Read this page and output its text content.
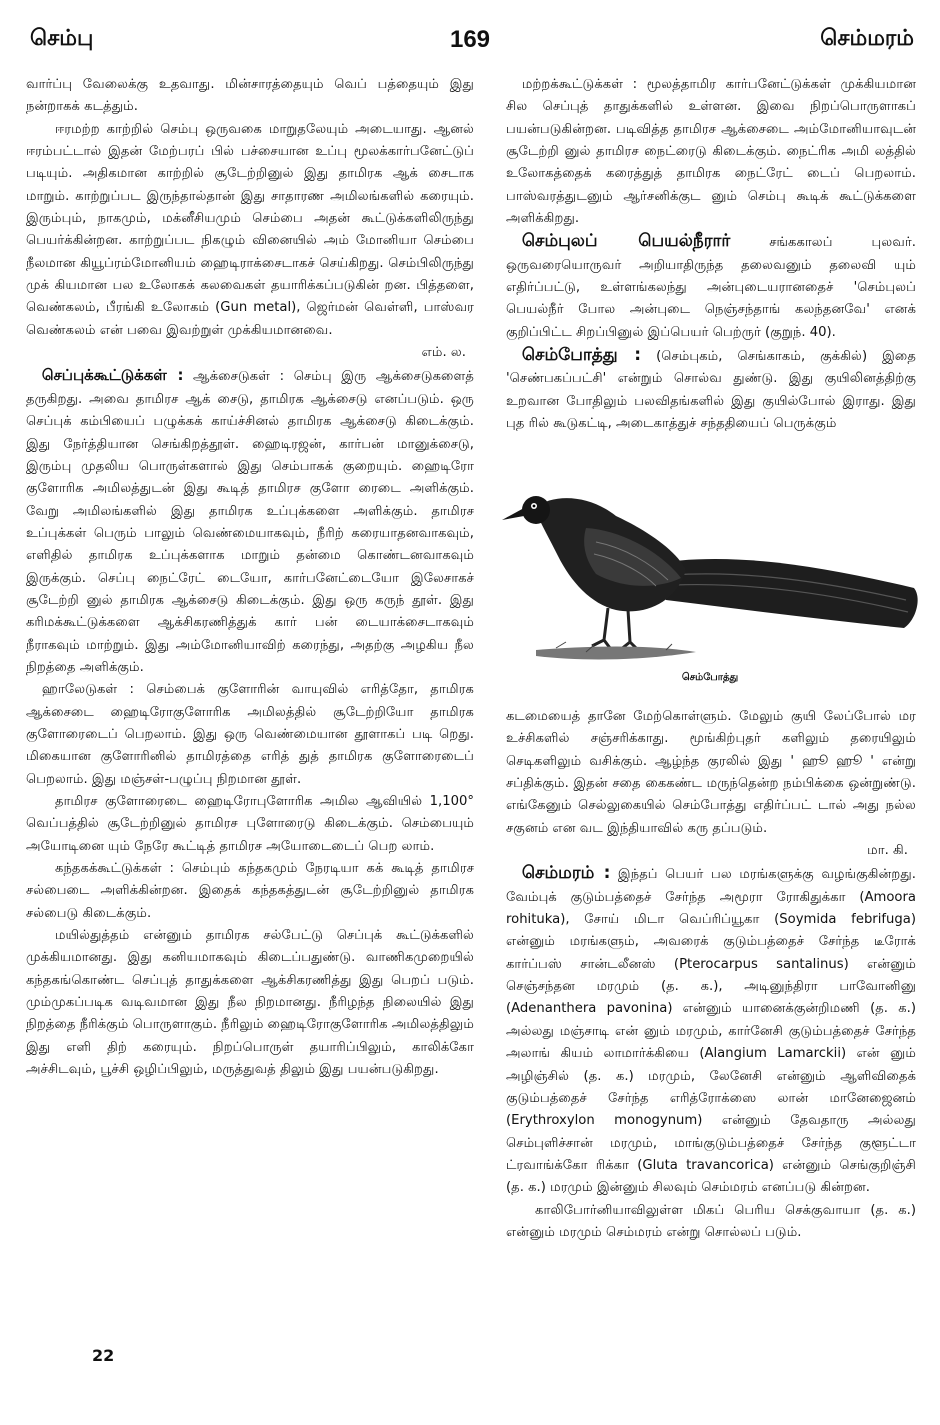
செம்பு	169	செம்மரம்

வார்ப்பு வேலைக்கு உதவாது. மின்சாரத்தையும் வெப் பத்தையும் இது நன்றாகக் கடத்தும்.

ஈரமற்ற காற்றில் செம்பு ஒருவகை மாறுதலேயும் அடையாது. ஆனல் ஈரம்பட்டால் இதன் மேற்பரப் பில் பச்சையான உப்பு மூலக்கார்பனேட்டுப் படியும். அதிகமான காற்றில் சூடேற்றினுல் இது தாமிரக ஆக் சைடாக மாறும். காற்றுப்பட இருந்தால்தான் இது சாதாரண அமிலங்களில் கரையும். இரும்பும், நாகமும், மக்னீசியமும் செம்பை அதன் கூட்டுக்களிலிருந்து பெயர்க்கின்றன. காற்றுப்பட நிகழும் வினையில் அம் மோனியா செம்பை நீலமான கியூப்ரம்மோனியம் ஹைடிராக்சைடாகச் செய்கிறது. செம்பிலிருந்து முக் கியமான பல உலோகக் கலவைகள் தயாரிக்கப்படுகின் றன. பித்தளை, வெண்கலம், பீரங்கி உலோகம் (Gun metal), ஜெர்மன் வெள்ளி, பாஸ்வர வெண்கலம் என் பவை இவற்றுள் முக்கியமானவை.

எம். ல.

செப்புக்கூட்டுக்கள் : ஆக்சைடுகள் : செம்பு இரு ஆக்சைடுகளைத் தருகிறது. அவை தாமிரச ஆக் சைடு, தாமிரக ஆக்சைடு எனப்படும். ஒரு செப்புக் கம்பியைப் பழுக்கக் காய்ச்சினல் தாமிரக ஆக்சைடு கிடைக்கும். இது நேர்த்தியான செங்கிறத்தூள். ஹைடிரஜன், கார்பன் மானுக்சைடு, இரும்பு முதலிய பொருள்களால் இது செம்பாகக் குறையும். ஹைடிரோ குளோரிக அமிலத்துடன் இது கூடித் தாமிரச குளோ ரைடை அளிக்கும். வேறு அமிலங்களில் இது தாமிரக உப்புக்களை அளிக்கும். தாமிரச உப்புக்கள் பெரும் பாலும் வெண்மையாகவும், நீரிற் கரையாதனவாகவும், எளிதில் தாமிரக உப்புக்களாக மாறும் தன்மை கொண்டனவாகவும் இருக்கும். செப்பு நைட்ரேட் டையோ, கார்பனேட்டையோ இலேசாகச் சூடேற்றி னுல் தாமிரக ஆக்சைடு கிடைக்கும். இது ஒரு கருந் தூள். இது கரிமக்கூட்டுக்களை ஆக்சிகரணித்துக் கார் பன் டையாக்சைடாகவும் நீராகவும் மாற்றும். இது அம்மோனியாவிற் கரைந்து, அதற்கு அழகிய நீல நிறத்தை அளிக்கும்.

ஹாலேடுகள் : செம்பைக் குளோரின் வாயுவில் எரித்தோ, தாமிரக ஆக்சைடை ஹைடிரோகுளோரிக அமிலத்தில் சூடேற்றியோ தாமிரக குளோரைடைப் பெறலாம். இது ஒரு வெண்மையான தூளாகப் படி றெது. மிகையான குளோரினில் தாமிரத்தை எரித் துத் தாமிரக குளோரைடைப் பெறலாம். இது மஞ்சள்-பழுப்பு நிறமான தூள்.

தாமிரச குளோரைடை ஹைடிரோபுளோரிக அமில ஆவியில் 1,100° வெப்பத்தில் சூடேற்றினுல் தாமிரச புளோரைடு கிடைக்கும். செம்பையும் அயோடினை யும் நேரே கூட்டித் தாமிரச அயோடைடைப் பெற லாம்.

கந்தகக்கூட்டுக்கள் : செம்பும் கந்தகமும் நேரடியா கக் கூடித் தாமிரச சல்பைடை அளிக்கின்றன. இதைக் கந்தகத்துடன் சூடேற்றினுல் தாமிரக சல்பைடு கிடைக்கும்.

மயில்துத்தம் என்னும் தாமிரக சல்பேட்டு செப்புக் கூட்டுக்களில் முக்கியமானது. இது கனியமாகவும் கிடைப்பதுண்டு. வாணிகமுறையில் கந்தகங்கொண்ட செப்புத் தாதுக்களை ஆக்சிகரணித்து இது பெறப் படும். மும்முகப்படிக வடிவமான இது நீல நிறமானது. நீரிழந்த நிலையில் இது நிறத்தை நீரிக்கும் பொருளாகும். நீரிலும் ஹைடிரோகுளோரிக அமிலத்திலும் இது எளி திற் கரையும். நிறப்பொருள் தயாரிப்பிலும், காலிக்கோ அச்சிடவும், பூச்சி ஒழிப்பிலும், மருத்துவத் திலும் இது பயன்படுகிறது.

மற்றக்கூட்டுக்கள் : மூலத்தாமிர கார்பனேட்டுக்கள் முக்கியமான சில செப்புத் தாதுக்களில் உள்ளன. இவை நிறப்பொருளாகப் பயன்படுகின்றன. படிவித்த தாமிரச ஆக்சைடை அம்மோனியாவுடன் சூடேற்றி னுல் தாமிரச நைட்ரைடு கிடைக்கும். நைட்ரிக அமி லத்தில் உலோகத்தைக் கரைத்துத் தாமிரக நைட்ரேட் டைப் பெறலாம். பாஸ்வரத்துடனும் ஆர்சனிக்குட னும் செம்பு கூடிக் கூட்டுக்களை அளிக்கிறது.

செம்புலப் பெயல்நீரார் சங்ககாலப் புலவர். ஒருவரையொருவர் அறியாதிருந்த தலைவனும் தலைவி யும் எதிர்ப்பட்டு, உள்ளங்கலந்து அன்புடையரானதைச் 'செம்புலப் பெயல்நீர் போல அன்புடை நெஞ்சந்தாங் கலந்தனவே' எனக் குறிப்பிட்ட சிறப்பினுல் இப்பெயர் பெற்ருர் (குறுந். 40).

செம்போத்து : (செம்புகம், செங்காகம், குக்கில்) இதை 'செண்பகப்பட்சி' என்றும் சொல்வ துண்டு. இது குயிலினத்திற்கு உறவான போதிலும் பலவிதங்களில் இது குயில்போல் இராது. இது புத ரில் கூடுகட்டி, அடைகாத்துச் சந்ததியைப் பெருக்கும்

செம்போத்து

கடமையைத் தானே மேற்கொள்ளும். மேலும் குயி லேப்போல் மர உச்சிகளில் சஞ்சரிக்காது. மூங்கிற்புதர் களிலும் தரையிலும் செடிகளிலும் வசிக்கும். ஆழ்ந்த குரலில் இது ' ஹூ ஹூ ' என்று சப்திக்கும். இதன் சதை கைகண்ட மருந்தென்ற நம்பிக்கை ஒன்றுண்டு. எங்கேனும் செல்லுகையில் செம்போத்து எதிர்ப்பட் டால் அது நல்ல சகுனம் என வட இந்தியாவில் கரு தப்படும்.

மா. கி.

செம்மரம் : இந்தப் பெயர் பல மரங்களுக்கு வழங்குகின்றது. வேம்புக் குடும்பத்தைச் சேர்ந்த அமூரா ரோகிதுக்கா (Amoora rohituka), சோய் மிடா வெப்ரிப்யூகா (Soymida febrifuga) என்னும் மரங்களும், அவரைக் குடும்பத்தைச் சேர்ந்த டீரோக் கார்ப்பஸ் சான்டலீனஸ் (Pterocarpus santalinus) என்னும் செஞ்சந்தன மரமும் (த. க.), அடினுந்திரா பாவோனினு (Adenanthera pavonina) என்னும் யானைக்குன்றிமணி (த. க.) அல்லது மஞ்சாடி என் னும் மரமும், கார்னேசி குடும்பத்தைச் சேர்ந்த அலாங் கியம் லாமார்க்கியை (Alangium Lamarckii) என் னும் அழிஞ்சில் (த. க.) மரமும், லேனேசி என்னும் ஆளிவிதைக் குடும்பத்தைச் சேர்ந்த எரித்ரோக்ஸை லான் மானேஜைனம் (Erythroxylon monogynum) என்னும் தேவதாரு அல்லது செம்புளிச்சான் மரமும், மாங்குடும்பத்தைச் சேர்ந்த குளூட்டா ட்ரவாங்க்கோ ரிக்கா (Gluta travancorica) என்னும் செங்குறிஞ்சி (த. க.) மரமும் இன்னும் சிலவும் செம்மரம் எனப்படு கின்றன.

காலிபோர்னியாவிலுள்ள மிகப் பெரிய செக்குவாயா (த. க.) என்னும் மரமும் செம்மரம் என்று சொல்லப் படும்.

22
